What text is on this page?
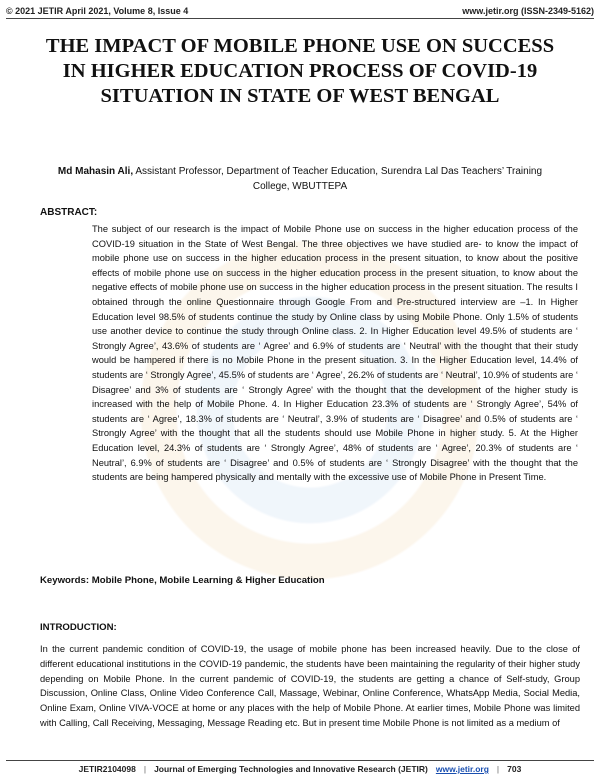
© 2021 JETIR April 2021, Volume 8, Issue 4	www.jetir.org (ISSN-2349-5162)
THE IMPACT OF MOBILE PHONE USE ON SUCCESS IN HIGHER EDUCATION PROCESS OF COVID-19 SITUATION IN STATE OF WEST BENGAL
Md Mahasin Ali, Assistant Professor, Department of Teacher Education, Surendra Lal Das Teachers’ Training College, WBUTTEPA
ABSTRACT:
The subject of our research is the impact of Mobile Phone use on success in the higher education process of the COVID-19 situation in the State of West Bengal. The three objectives we have studied are- to know the impact of mobile phone use on success in the higher education process in the present situation, to know about the positive effects of mobile phone use on success in the higher education process in the present situation, to know about the negative effects of mobile phone use on success in the higher education process in the present situation. The results I obtained through the online Questionnaire through Google From and Pre-structured interview are –1. In Higher Education level 98.5% of students continue the study by Online class by using Mobile Phone. Only 1.5% of students use another device to continue the study through Online class. 2. In Higher Education level 49.5% of students are ‘ Strongly Agree’, 43.6% of students are ‘ Agree’ and 6.9% of students are ‘ Neutral’ with the thought that their study would be hampered if there is no Mobile Phone in the present situation. 3. In the Higher Education level, 14.4% of students are ‘ Strongly Agree’, 45.5% of students are ‘ Agree’, 26.2% of students are ‘ Neutral’, 10.9% of students are ‘ Disagree’ and 3% of students are ‘ Strongly Agree' with the thought that the development of the higher study is increased with the help of Mobile Phone. 4. In Higher Education 23.3% of students are ‘ Strongly Agree’, 54% of students are ‘ Agree’, 18.3% of students are ‘ Neutral’, 3.9% of students are ‘ Disagree’ and 0.5% of students are ‘ Strongly Agree’ with the thought that all the students should use Mobile Phone in higher study. 5. At the Higher Education level, 24.3% of students are ‘ Strongly Agree’, 48% of students are ‘ Agree’, 20.3% of students are ‘ Neutral’, 6.9% of students are ‘ Disagree’ and 0.5% of students are ‘ Strongly Disagree’ with the thought that the students are being hampered physically and mentally with the excessive use of Mobile Phone in Present Time.
Keywords: Mobile Phone, Mobile Learning & Higher Education
INTRODUCTION:
In the current pandemic condition of COVID-19, the usage of mobile phone has been increased heavily. Due to the close of different educational institutions in the COVID-19 pandemic, the students have been maintaining the regularity of their higher study depending on Mobile Phone. In the current pandemic of COVID-19, the students are getting a chance of Self-study, Group Discussion, Online Class, Online Video Conference Call, Massage, Webinar, Online Conference, WhatsApp Media, Social Media, Online Exam, Online VIVA-VOCE at home or any places with the help of Mobile Phone. At earlier times, Mobile Phone was limited with Calling, Call Receiving, Messaging, Message Reading etc. But in present time Mobile Phone is not limited as a medium of
JETIR2104098 | Journal of Emerging Technologies and Innovative Research (JETIR) www.jetir.org | 703
